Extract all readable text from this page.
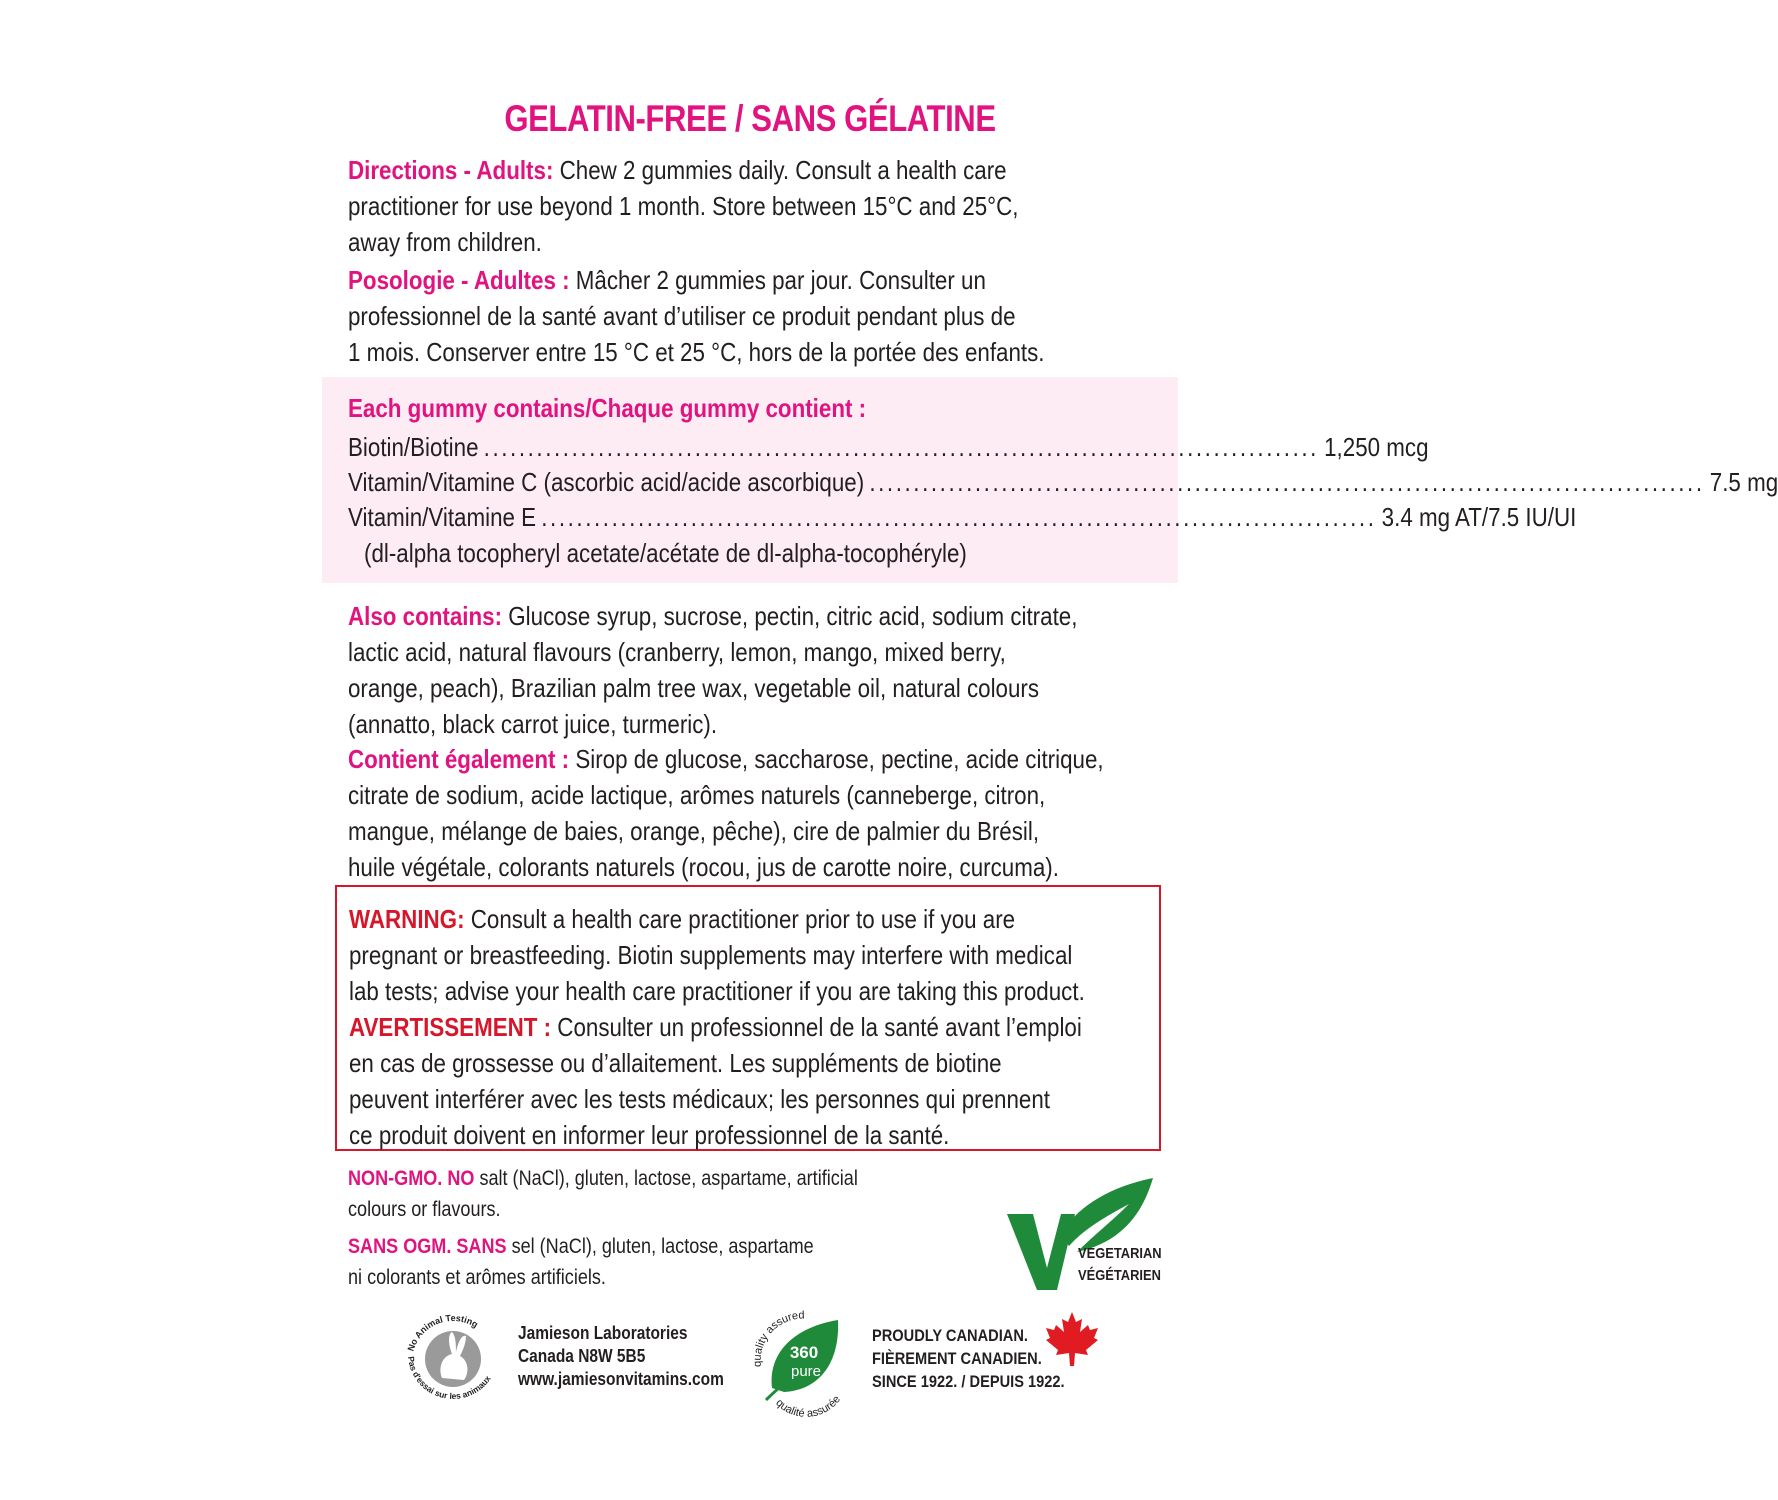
GELATIN-FREE / SANS GÉLATINE
Directions - Adults: Chew 2 gummies daily. Consult a health care
practitioner for use beyond 1 month. Store between 15°C and 25°C,
away from children.
Posologie - Adultes : Mâcher 2 gummies par jour. Consulter un
professionnel de la santé avant d’utiliser ce produit pendant plus de
1 mois. Conserver entre 15 °C et 25 °C, hors de la portée des enfants.
Each gummy contains/Chaque gummy contient :
Biotin/Biotine ............................................................................................... 1,250 mcg
Vitamin/Vitamine C (ascorbic acid/acide ascorbique) ............................................................................................... 7.5 mg
Vitamin/Vitamine E ............................................................................................... 3.4 mg AT/7.5 IU/UI
(dl-alpha tocopheryl acetate/acétate de dl-alpha-tocophéryle)
Also contains: Glucose syrup, sucrose, pectin, citric acid, sodium citrate,
lactic acid, natural flavours (cranberry, lemon, mango, mixed berry,
orange, peach), Brazilian palm tree wax, vegetable oil, natural colours
(annatto, black carrot juice, turmeric).
Contient également : Sirop de glucose, saccharose, pectine, acide citrique,
citrate de sodium, acide lactique, arômes naturels (canneberge, citron,
mangue, mélange de baies, orange, pêche), cire de palmier du Brésil,
huile végétale, colorants naturels (rocou, jus de carotte noire, curcuma).
WARNING: Consult a health care practitioner prior to use if you are
pregnant or breastfeeding. Biotin supplements may interfere with medical
lab tests; advise your health care practitioner if you are taking this product.
AVERTISSEMENT : Consulter un professionnel de la santé avant l’emploi
en cas de grossesse ou d’allaitement. Les suppléments de biotine
peuvent interférer avec les tests médicaux; les personnes qui prennent
ce produit doivent en informer leur professionnel de la santé.
NON-GMO. NO salt (NaCl), gluten, lactose, aspartame, artificial
colours or flavours.
SANS OGM. SANS sel (NaCl), gluten, lactose, aspartame
ni colorants et arômes artificiels.
VEGETARIAN
VÉGÉTARIEN
No Animal Testing
Pas d'essai sur les animaux
Jamieson Laboratories
Canada N8W 5B5
www.jamiesonvitamins.com
360
pure
quality assured
qualité assurée
PROUDLY CANADIAN.
FIÈREMENT CANADIEN.
SINCE 1922. / DEPUIS 1922.
